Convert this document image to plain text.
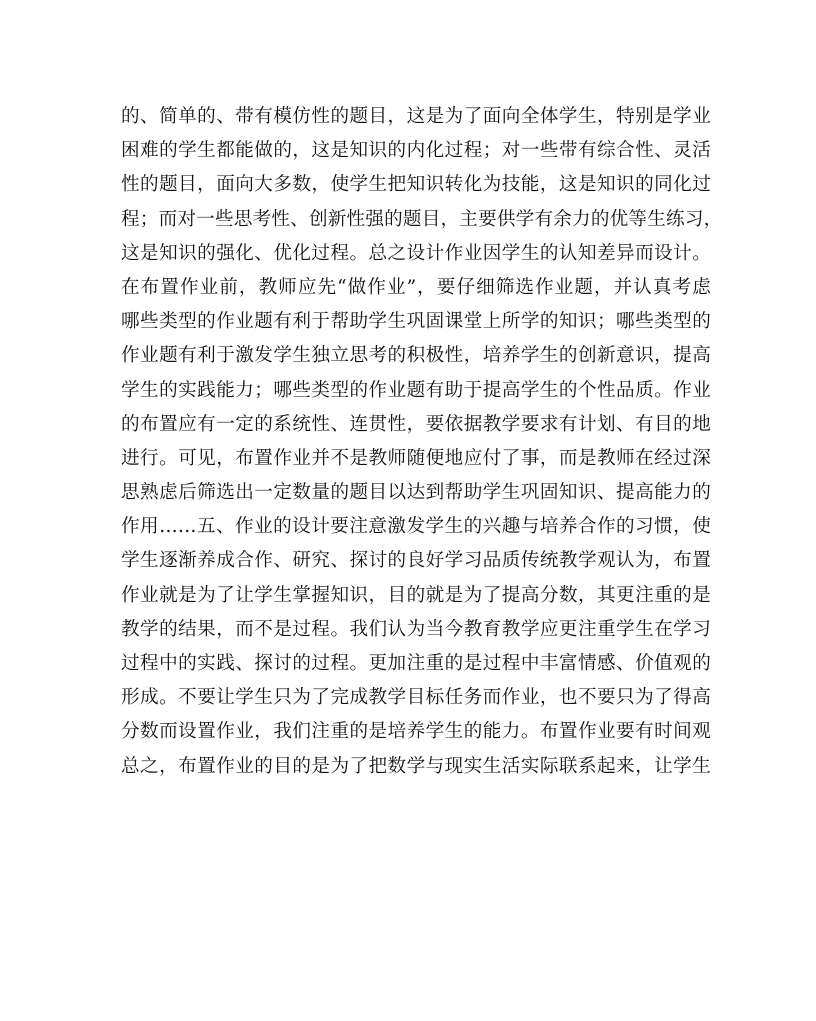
的、简单的、带有模仿性的题目，这是为了面向全体学生，特别是学业
困难的学生都能做的，这是知识的内化过程；对一些带有综合性、灵活
性的题目，面向大多数，使学生把知识转化为技能，这是知识的同化过
程；而对一些思考性、创新性强的题目，主要供学有余力的优等生练习，
这是知识的强化、优化过程。总之设计作业因学生的认知差异而设计。
在布置作业前，教师应先“做作业”，要仔细筛选作业题，并认真考虑
哪些类型的作业题有利于帮助学生巩固课堂上所学的知识；哪些类型的
作业题有利于激发学生独立思考的积极性，培养学生的创新意识，提高
学生的实践能力；哪些类型的作业题有助于提高学生的个性品质。作业
的布置应有一定的系统性、连贯性，要依据教学要求有计划、有目的地
进行。可见，布置作业并不是教师随便地应付了事，而是教师在经过深
思熟虑后筛选出一定数量的题目以达到帮助学生巩固知识、提高能力的
作用……五、作业的设计要注意激发学生的兴趣与培养合作的习惯，使
学生逐渐养成合作、研究、探讨的良好学习品质传统教学观认为，布置
作业就是为了让学生掌握知识，目的就是为了提高分数，其更注重的是
教学的结果，而不是过程。我们认为当今教育教学应更注重学生在学习
过程中的实践、探讨的过程。更加注重的是过程中丰富情感、价值观的
形成。不要让学生只为了完成教学目标任务而作业，也不要只为了得高
分数而设置作业，我们注重的是培养学生的能力。布置作业要有时间观
总之，布置作业的目的是为了把数学与现实生活实际联系起来，让学生
